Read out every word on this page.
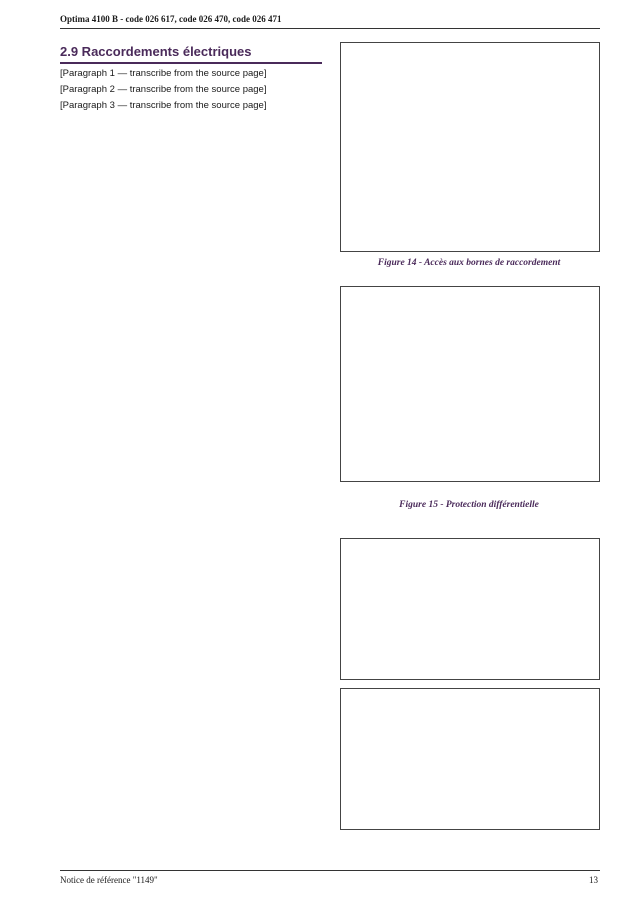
Optima 4100 B - code 026 617, code 026 470, code 026 471
2.9 Raccordements électriques

[Paragraph 1 — transcribe from the source page]

[Paragraph 2 — transcribe from the source page]

[Paragraph 3 — transcribe from the source page]

Figure 14 - Accès aux bornes de raccordement
Figure 15 - Protection différentielle
Notice de référence "1149"	13
